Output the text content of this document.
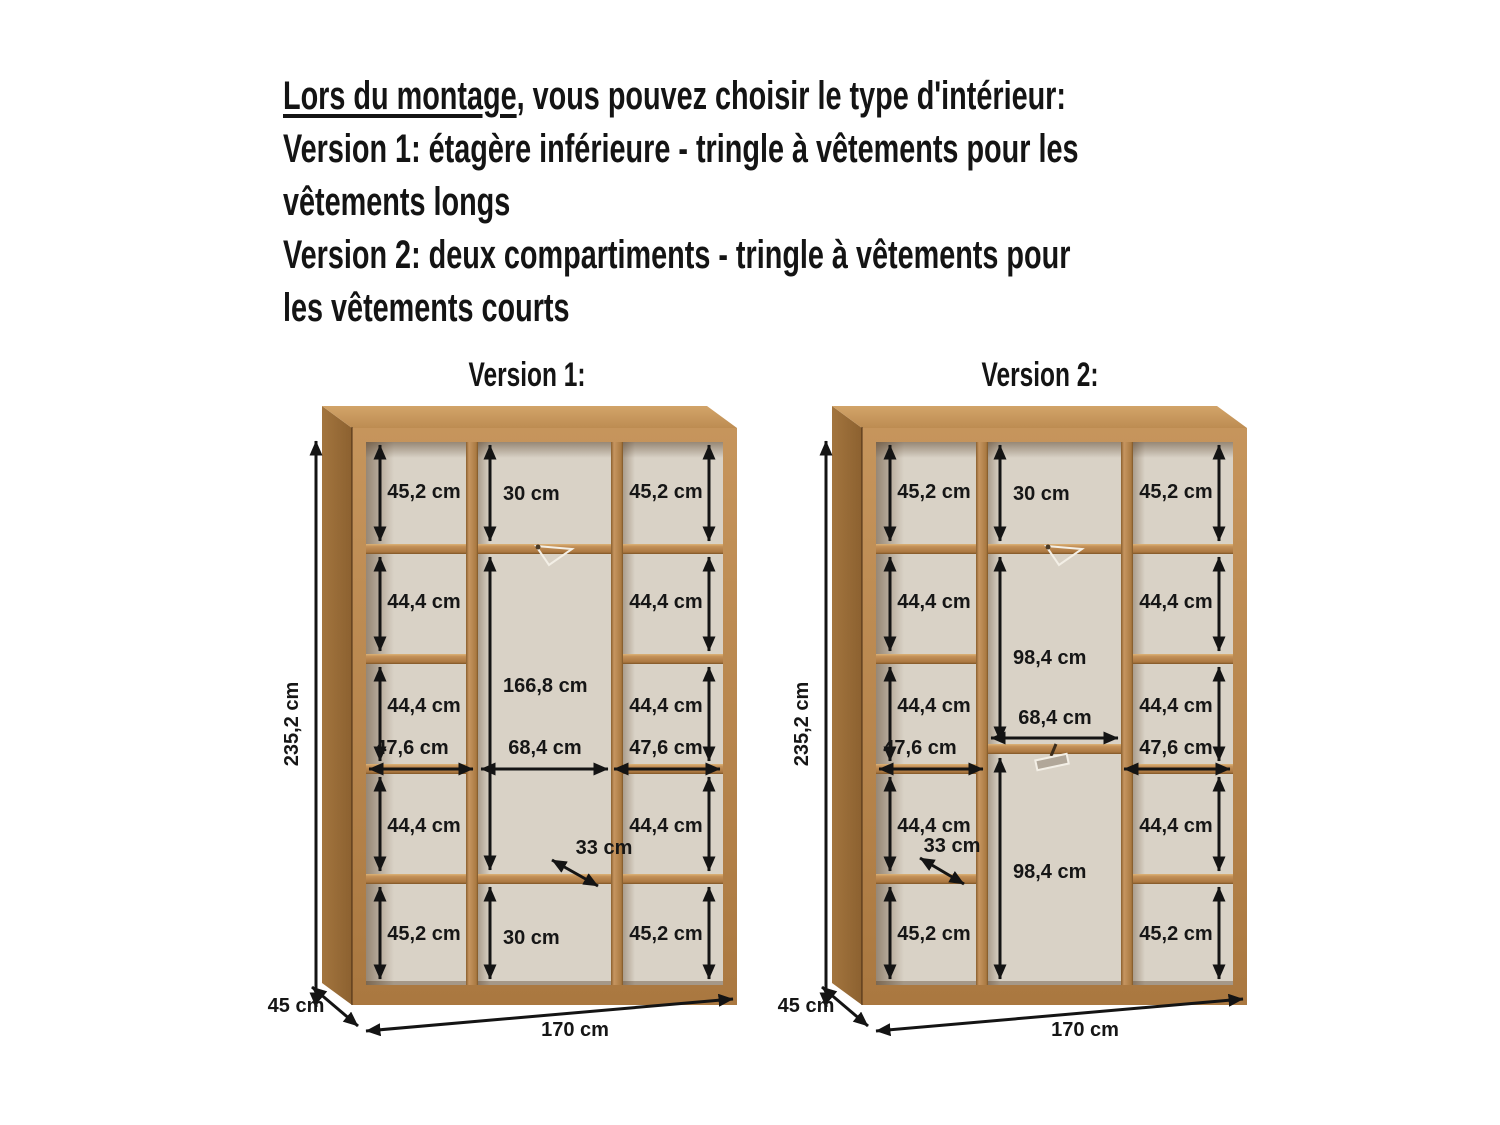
Lors du montage, vous pouvez choisir le type d'intérieur:
Version 1: étagère inférieure - tringle à vêtements pour les
vêtements longs
Version 2: deux compartiments - tringle à vêtements pour
les vêtements courts
Version 1:	Version 2:
45,2 cm
44,4 cm
44,4 cm
44,4 cm
45,2 cm
47,6 cm
30 cm
166,8 cm
68,4 cm
33 cm
30 cm
45,2 cm
44,4 cm
44,4 cm
44,4 cm
45,2 cm
47,6 cm
235,2 cm
45 cm
170 cm
45,2 cm
44,4 cm
44,4 cm
44,4 cm
45,2 cm
47,6 cm
33 cm
30 cm
98,4 cm
68,4 cm
98,4 cm
45,2 cm
44,4 cm
44,4 cm
44,4 cm
45,2 cm
47,6 cm
235,2 cm
45 cm
170 cm
